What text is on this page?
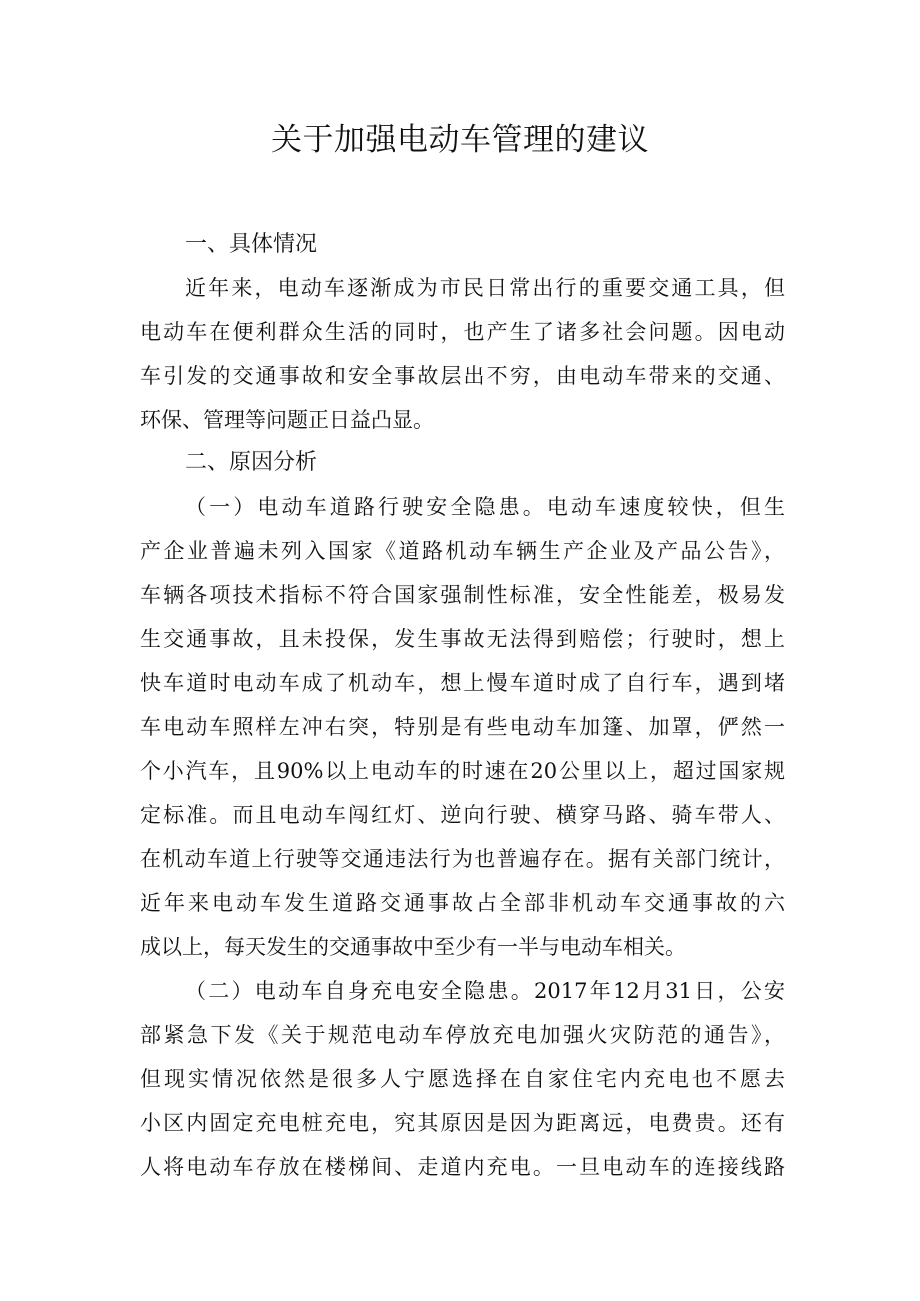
关于加强电动车管理的建议
一、具体情况
近年来，电动车逐渐成为市民日常出行的重要交通工具，但
电动车在便利群众生活的同时，也产生了诸多社会问题。因电动
车引发的交通事故和安全事故层出不穷，由电动车带来的交通、
环保、管理等问题正日益凸显。
二、原因分析
（一）电动车道路行驶安全隐患。电动车速度较快，但生
产企业普遍未列入国家《道路机动车辆生产企业及产品公告》，
车辆各项技术指标不符合国家强制性标准，安全性能差，极易发
生交通事故，且未投保，发生事故无法得到赔偿；行驶时，想上
快车道时电动车成了机动车，想上慢车道时成了自行车，遇到堵
车电动车照样左冲右突，特别是有些电动车加篷、加罩，俨然一
个小汽车，且90%以上电动车的时速在20公里以上，超过国家规
定标准。而且电动车闯红灯、逆向行驶、横穿马路、骑车带人、
在机动车道上行驶等交通违法行为也普遍存在。据有关部门统计，
近年来电动车发生道路交通事故占全部非机动车交通事故的六
成以上，每天发生的交通事故中至少有一半与电动车相关。
（二）电动车自身充电安全隐患。2017年12月31日，公安
部紧急下发《关于规范电动车停放充电加强火灾防范的通告》，
但现实情况依然是很多人宁愿选择在自家住宅内充电也不愿去
小区内固定充电桩充电，究其原因是因为距离远，电费贵。还有
人将电动车存放在楼梯间、走道内充电。一旦电动车的连接线路
